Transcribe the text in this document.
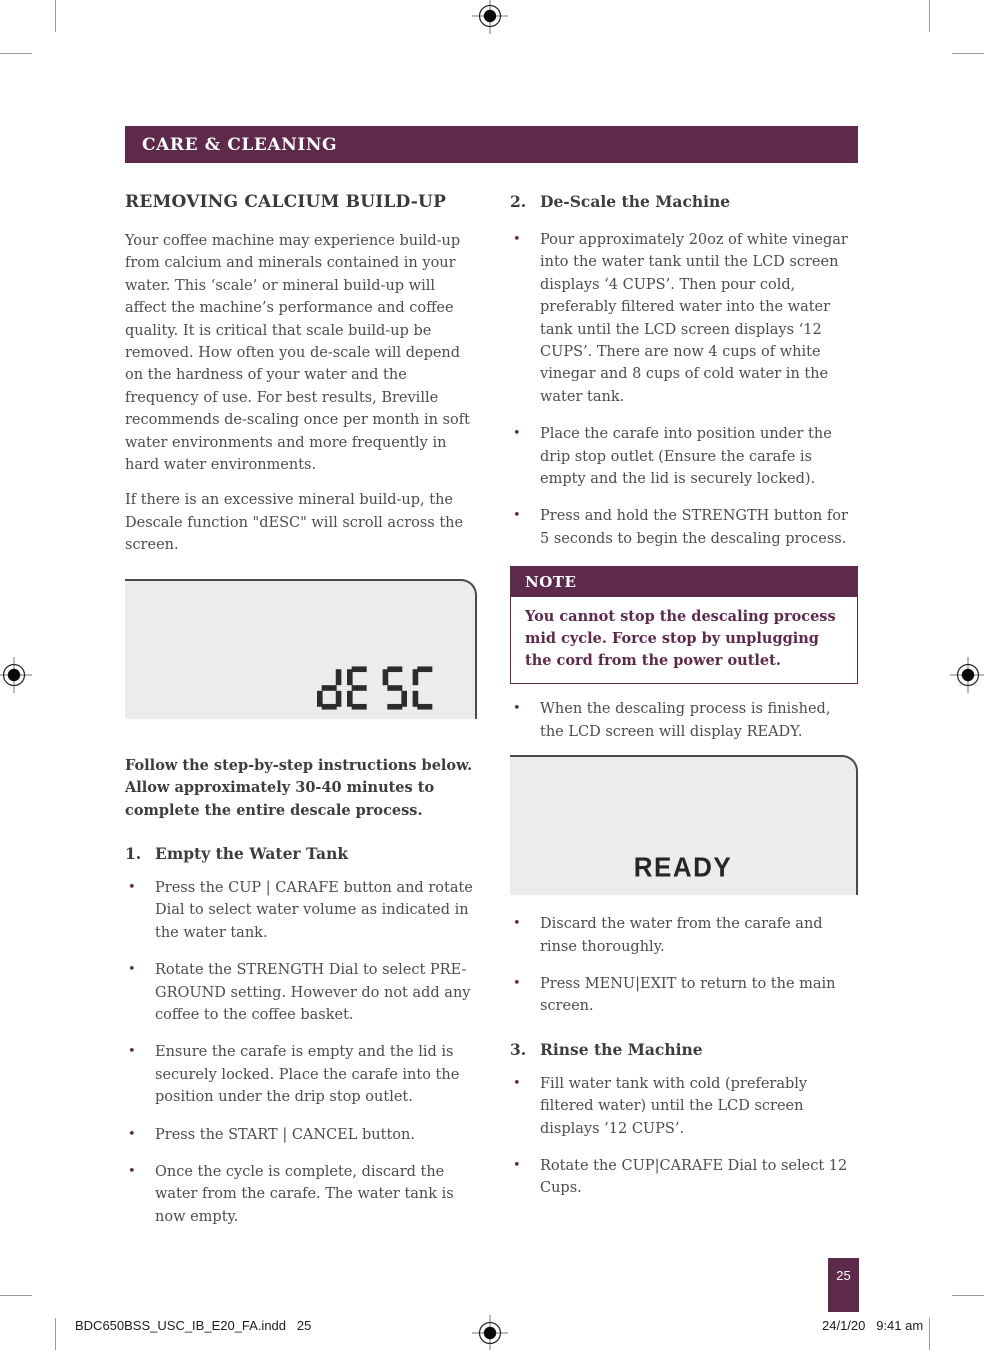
CARE & CLEANING
REMOVING CALCIUM BUILD-UP

Your coffee machine may experience build-up from calcium and minerals contained in your water. This ‘scale’ or mineral build-up will affect the machine’s performance and coffee quality. It is critical that scale build-up be removed. How often you de-scale will depend on the hardness of your water and the frequency of use. For best results, Breville recommends de-scaling once per month in soft water environments and more frequently in hard water environments.

If there is an excessive mineral build-up, the Descale function "dESC" will scroll across the screen.

Follow the step-by-step instructions below. Allow approximately 30-40 minutes to complete the entire descale process.

1. Empty the Water Tank
•	Press the CUP | CARAFE button and rotate Dial to select water volume as indicated in the water tank.
•	Rotate the STRENGTH Dial to select PRE-GROUND setting. However do not add any coffee to the coffee basket.
•	Ensure the carafe is empty and the lid is securely locked. Place the carafe into the position under the drip stop outlet.
•	Press the START | CANCEL button.
•	Once the cycle is complete, discard the water from the carafe. The water tank is now empty.
2. De-Scale the Machine
•	Pour approximately 20oz of white vinegar into the water tank until the LCD screen displays ‘4 CUPS’. Then pour cold, preferably filtered water into the water tank until the LCD screen displays ‘12 CUPS’. There are now 4 cups of white vinegar and 8 cups of cold water in the water tank.
•	Place the carafe into position under the drip stop outlet (Ensure the carafe is empty and the lid is securely locked).
•	Press and hold the STRENGTH button for 5 seconds to begin the descaling process.
NOTE
You cannot stop the descaling process mid cycle. Force stop by unplugging the cord from the power outlet.
•	When the descaling process is finished, the LCD screen will display READY.
READY
•	Discard the water from the carafe and rinse thoroughly.
•	Press MENU|EXIT to return to the main screen.
3. Rinse the Machine
•	Fill water tank with cold (preferably filtered water) until the LCD screen displays ’12 CUPS’.
•	Rotate the CUP|CARAFE Dial to select 12 Cups.
25
BDC650BSS_USC_IB_E20_FA.indd   25	24/1/20   9:41 am
